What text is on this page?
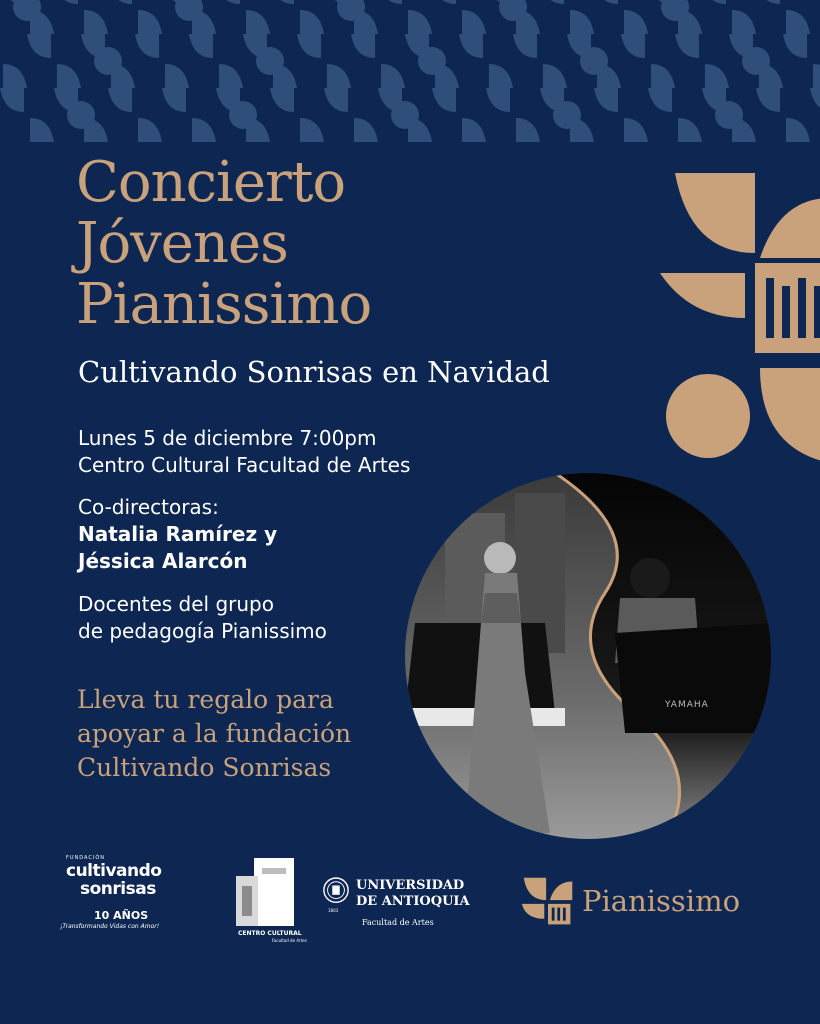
Concierto
Jóvenes
Pianissimo
Cultivando Sonrisas en Navidad
Lunes 5 de diciembre 7:00pm
Centro Cultural Facultad de Artes
Co-directoras:
Natalia Ramírez y
Jéssica Alarcón
Docentes del grupo
de pedagogía Pianissimo
Lleva tu regalo para
apoyar a la fundación
Cultivando Sonrisas
YAMAHA
FUNDACIÓN
cultivando
sonrisas
10 AÑOS
¡Transformando Vidas con Amor!
CENTRO CULTURAL
Facultad de Artes
1803
UNIVERSIDAD
DE ANTIOQUIA
Facultad de Artes
Pianissimo
